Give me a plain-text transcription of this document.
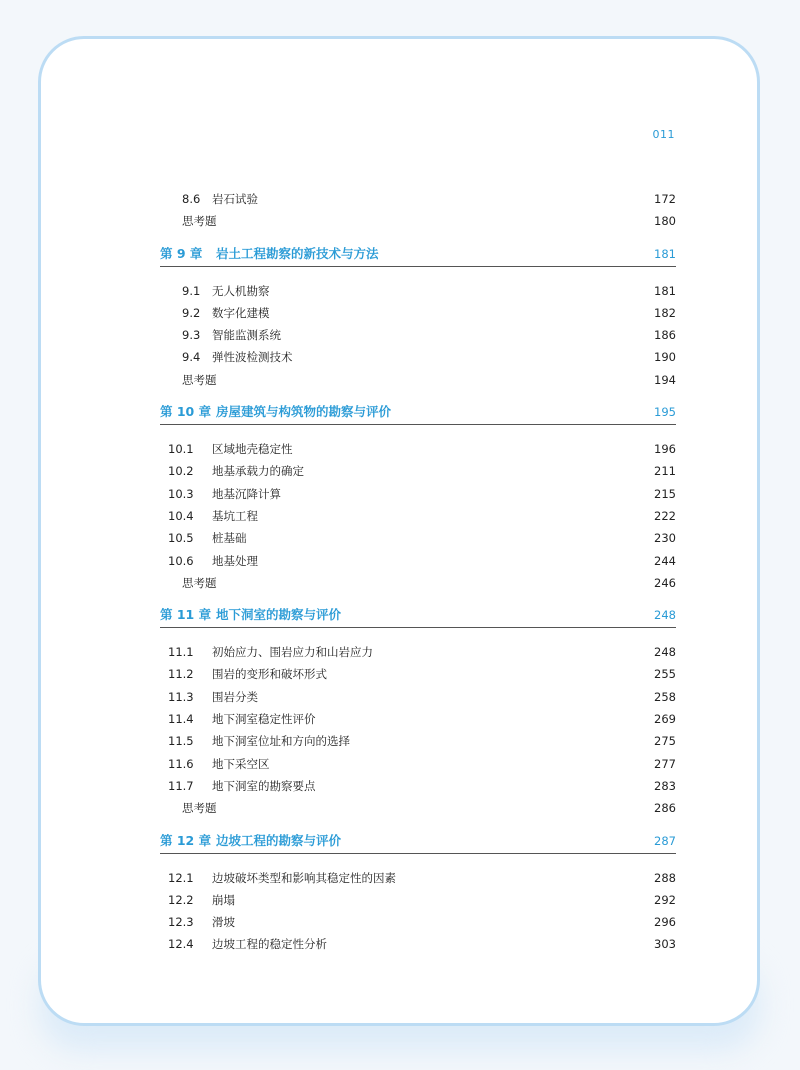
011
8.6 岩石试验	172
思考题	180
第 9 章 岩土工程勘察的新技术与方法	181
9.1 无人机勘察	181
9.2 数字化建模	182
9.3 智能监测系统	186
9.4 弹性波检测技术	190
思考题	194
第 10 章 房屋建筑与构筑物的勘察与评价	195
10.1 区域地壳稳定性	196
10.2 地基承载力的确定	211
10.3 地基沉降计算	215
10.4 基坑工程	222
10.5 桩基础	230
10.6 地基处理	244
思考题	246
第 11 章 地下洞室的勘察与评价	248
11.1 初始应力、围岩应力和山岩应力	248
11.2 围岩的变形和破坏形式	255
11.3 围岩分类	258
11.4 地下洞室稳定性评价	269
11.5 地下洞室位址和方向的选择	275
11.6 地下采空区	277
11.7 地下洞室的勘察要点	283
思考题	286
第 12 章 边坡工程的勘察与评价	287
12.1 边坡破坏类型和影响其稳定性的因素	288
12.2 崩塌	292
12.3 滑坡	296
12.4 边坡工程的稳定性分析	303
